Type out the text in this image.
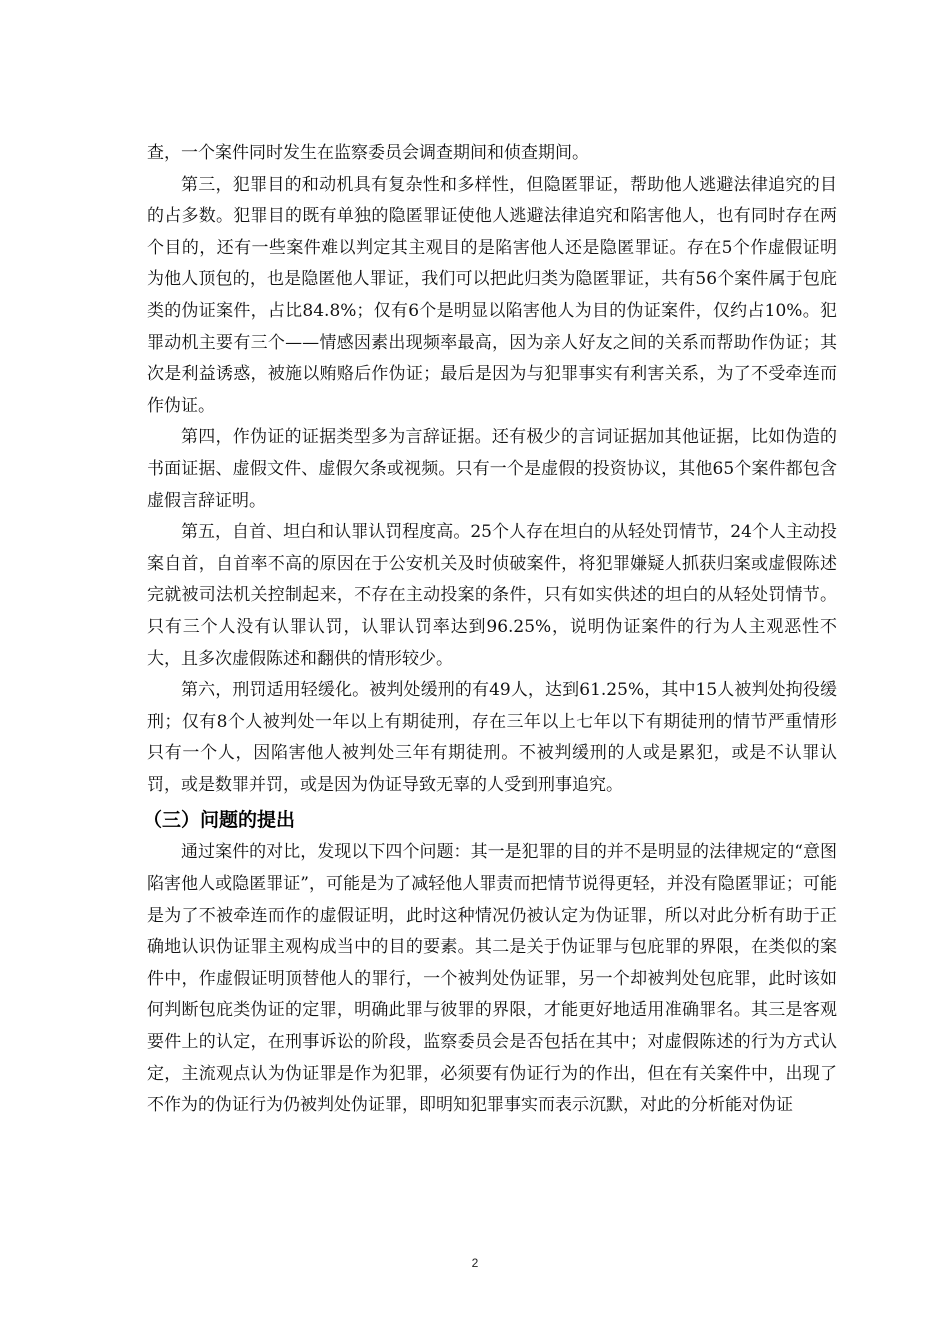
查，一个案件同时发生在监察委员会调查期间和侦查期间。

第三，犯罪目的和动机具有复杂性和多样性，但隐匿罪证，帮助他人逃避法律追究的目的占多数。犯罪目的既有单独的隐匿罪证使他人逃避法律追究和陷害他人，也有同时存在两个目的，还有一些案件难以判定其主观目的是陷害他人还是隐匿罪证。存在5个作虚假证明为他人顶包的，也是隐匿他人罪证，我们可以把此归类为隐匿罪证，共有56个案件属于包庇类的伪证案件，占比84.8%；仅有6个是明显以陷害他人为目的伪证案件，仅约占10%。犯罪动机主要有三个——情感因素出现频率最高，因为亲人好友之间的关系而帮助作伪证；其次是利益诱惑，被施以贿赂后作伪证；最后是因为与犯罪事实有利害关系，为了不受牵连而作伪证。

第四，作伪证的证据类型多为言辞证据。还有极少的言词证据加其他证据，比如伪造的书面证据、虚假文件、虚假欠条或视频。只有一个是虚假的投资协议，其他65个案件都包含虚假言辞证明。

第五，自首、坦白和认罪认罚程度高。25个人存在坦白的从轻处罚情节，24个人主动投案自首，自首率不高的原因在于公安机关及时侦破案件，将犯罪嫌疑人抓获归案或虚假陈述完就被司法机关控制起来，不存在主动投案的条件，只有如实供述的坦白的从轻处罚情节。只有三个人没有认罪认罚，认罪认罚率达到96.25%，说明伪证案件的行为人主观恶性不大，且多次虚假陈述和翻供的情形较少。

第六，刑罚适用轻缓化。被判处缓刑的有49人，达到61.25%，其中15人被判处拘役缓刑；仅有8个人被判处一年以上有期徒刑，存在三年以上七年以下有期徒刑的情节严重情形只有一个人，因陷害他人被判处三年有期徒刑。不被判缓刑的人或是累犯，或是不认罪认罚，或是数罪并罚，或是因为伪证导致无辜的人受到刑事追究。

（三）问题的提出

通过案件的对比，发现以下四个问题：其一是犯罪的目的并不是明显的法律规定的“意图陷害他人或隐匿罪证”，可能是为了减轻他人罪责而把情节说得更轻，并没有隐匿罪证；可能是为了不被牵连而作的虚假证明，此时这种情况仍被认定为伪证罪，所以对此分析有助于正确地认识伪证罪主观构成当中的目的要素。其二是关于伪证罪与包庇罪的界限，在类似的案件中，作虚假证明顶替他人的罪行，一个被判处伪证罪，另一个却被判处包庇罪，此时该如何判断包庇类伪证的定罪，明确此罪与彼罪的界限，才能更好地适用准确罪名。其三是客观要件上的认定，在刑事诉讼的阶段，监察委员会是否包括在其中；对虚假陈述的行为方式认定，主流观点认为伪证罪是作为犯罪，必须要有伪证行为的作出，但在有关案件中，出现了不作为的伪证行为仍被判处伪证罪，即明知犯罪事实而表示沉默，对此的分析能对伪证

2
